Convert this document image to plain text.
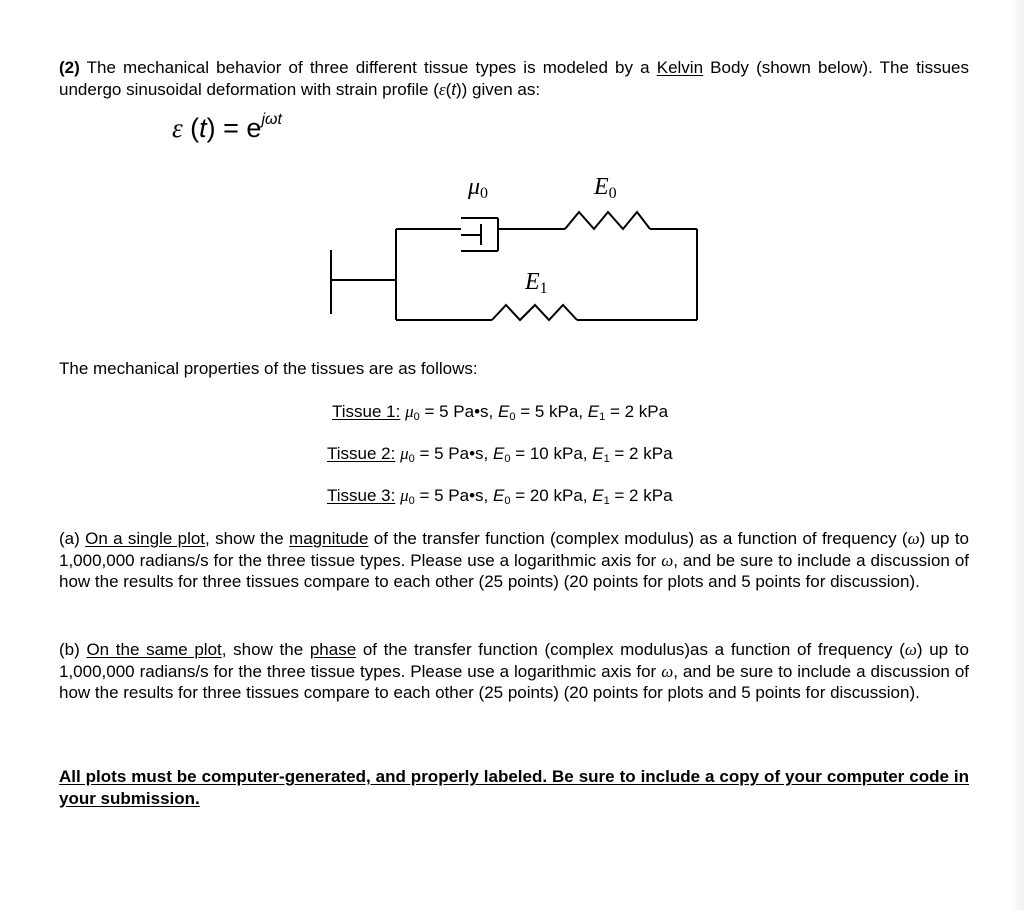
(2) The mechanical behavior of three different tissue types is modeled by a Kelvin Body (shown below). The tissues undergo sinusoidal deformation with strain profile (ε(t)) given as:

ε $(t) = e^{j\omega t}$
μ0	E0
E1

The mechanical properties of the tissues are as follows:

Tissue 1: $\mu_0 = 5$ Pa•s, $E_0 = 5$ kPa, $E_1 = 2$ kPa
Tissue 2: $\mu_0 = 5$ Pa•s, $E_0 = 10$ kPa, $E_1 = 2$ kPa
Tissue 3: $\mu_0 = 5$ Pa•s, $E_0 = 20$ kPa, $E_1 = 2$ kPa

(a) On a single plot, show the magnitude of the transfer function (complex modulus) as a function of frequency (ω) up to 1,000,000 radians/s for the three tissue types. Please use a logarithmic axis for ω, and be sure to include a discussion of how the results for three tissues compare to each other (25 points) (20 points for plots and 5 points for discussion).

(b) On the same plot, show the phase of the transfer function (complex modulus)as a function of frequency (ω) up to 1,000,000 radians/s for the three tissue types. Please use a logarithmic axis for ω, and be sure to include a discussion of how the results for three tissues compare to each other (25 points) (20 points for plots and 5 points for discussion).

All plots must be computer-generated, and properly labeled. Be sure to include a copy of your computer code in your submission.
